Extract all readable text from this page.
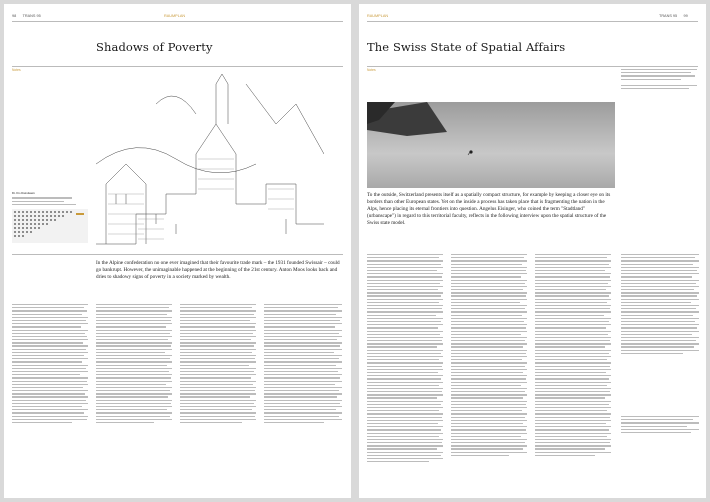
98 TRANS 95	RAUMPLAN
Shadows of Poverty
Notes
Dr. Urs Kreisbaum
In the Alpine confederation no one ever imagined that their favourite trade mark – the 1931 founded Swissair – could go bankrupt. However, the unimaginable happened at the beginning of the 21st century. Anton Moos looks back and dries to shadowy signs of poverty in a society marked by wealth.
RAUMPLAN	TRANS 95 99
The Swiss State of Spatial Affairs
Notes
To the outside, Switzerland presents itself as a spatially compact structure, for example by keeping a closer eye on its borders than other European states. Yet on the inside a process has taken place that is fragmenting the nation in the Alps, hence placing its eternal frontiers into question. Angelus Eisinger, who coined the term "Stadtland" (urbanscape") in regard to this territorial faculty, reflects in the following interview upon the spatial structure of the Swiss state model.
